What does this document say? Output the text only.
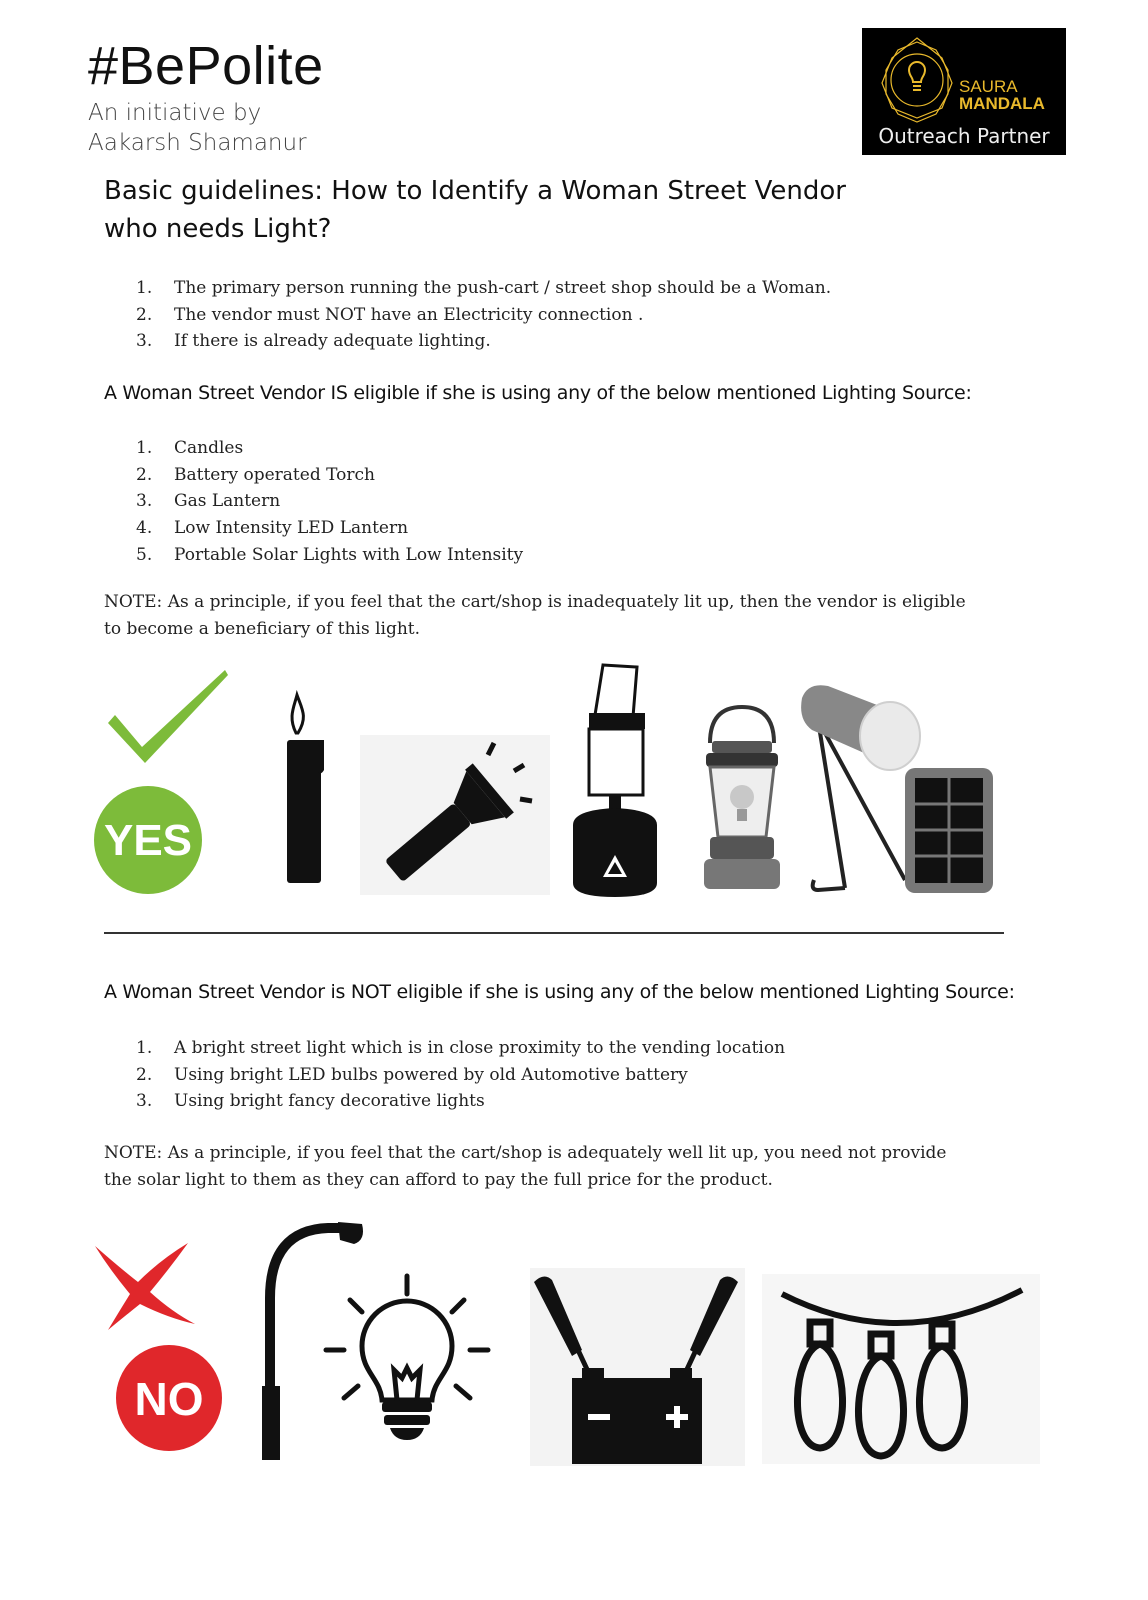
#BePolite
An initiative by
Aakarsh Shamanur
SAURA
MANDALA
Outreach Partner
Basic guidelines: How to Identify a Woman Street Vendor
who needs Light?
1. The primary person running the push-cart / street shop should be a Woman.
2. The vendor must NOT have an Electricity connection .
3. If there is already adequate lighting.
A Woman Street Vendor IS eligible if she is using any of the below mentioned Lighting Source:
1. Candles
2. Battery operated Torch
3. Gas Lantern
4. Low Intensity LED Lantern
5. Portable Solar Lights with Low Intensity
NOTE: As a principle, if you feel that the cart/shop is inadequately lit up, then the vendor is eligible
to become a beneficiary of this light.
YES
A Woman Street Vendor is NOT eligible if she is using any of the below mentioned Lighting Source:
1. A bright street light which is in close proximity to the vending location
2. Using bright LED bulbs powered by old Automotive battery
3. Using bright fancy decorative lights
NOTE: As a principle, if you feel that the cart/shop is adequately well lit up, you need not provide
the solar light to them as they can afford to pay the full price for the product.
NO
